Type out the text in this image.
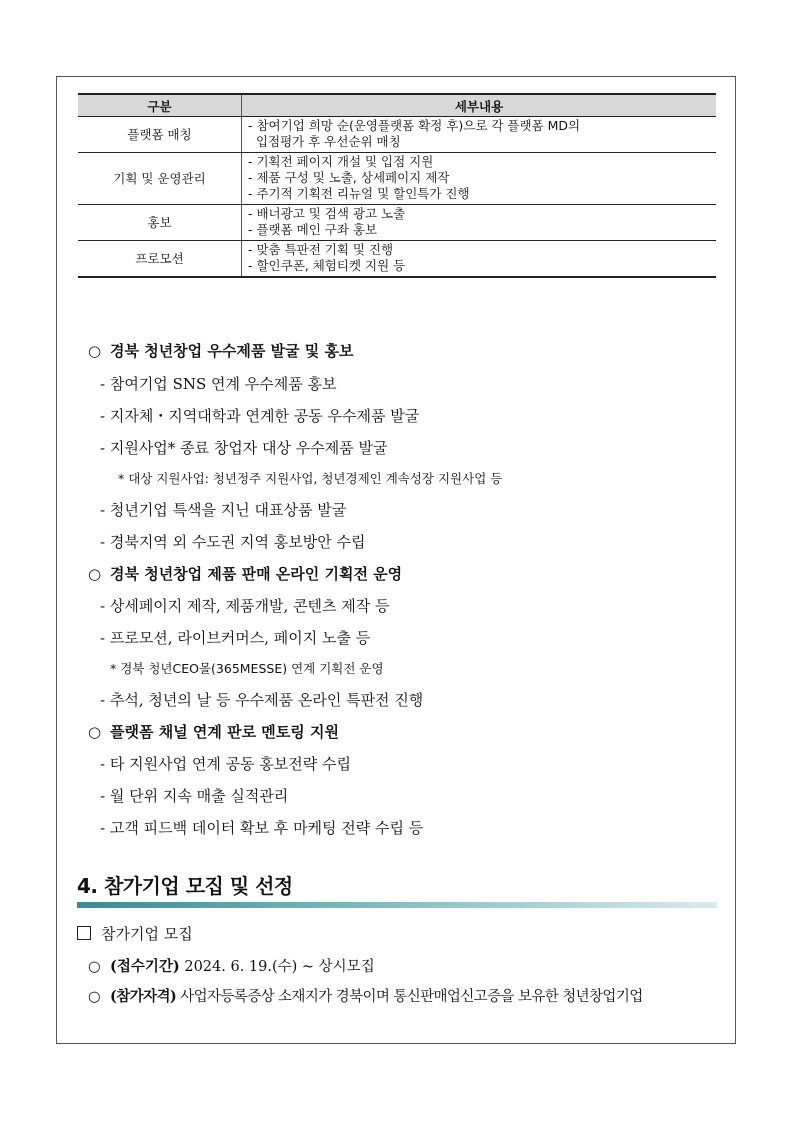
구분	세부내용
플랫폼 매칭	- 참여기업 희망 순(운영플랫폼 확정 후)으로 각 플랫폼 MD의
입점평가 후 우선순위 매칭

기획 및 운영관리	- 기획전 페이지 개설 및 입점 지원
- 제품 구성 및 노출, 상세페이지 제작
- 주기적 기획전 리뉴얼 및 할인특가 진행

홍보	- 배너광고 및 검색 광고 노출
- 플랫폼 메인 구좌 홍보

프로모션	- 맞춤 특판전 기획 및 진행
- 할인쿠폰, 체험티켓 지원 등
○ 경북 청년창업 우수제품 발굴 및 홍보
- 참여기업 SNS 연계 우수제품 홍보
- 지자체・지역대학과 연계한 공동 우수제품 발굴
- 지원사업* 종료 창업자 대상 우수제품 발굴
* 대상 지원사업: 청년정주 지원사업, 청년경제인 계속성장 지원사업 등
- 청년기업 특색을 지닌 대표상품 발굴
- 경북지역 외 수도권 지역 홍보방안 수립
○ 경북 청년창업 제품 판매 온라인 기획전 운영
- 상세페이지 제작, 제품개발, 콘텐츠 제작 등
- 프로모션, 라이브커머스, 페이지 노출 등
* 경북 청년CEO몰(365MESSE) 연계 기획전 운영
- 추석, 청년의 날 등 우수제품 온라인 특판전 진행
○ 플랫폼 채널 연계 판로 멘토링 지원
- 타 지원사업 연계 공동 홍보전략 수립
- 월 단위 지속 매출 실적관리
- 고객 피드백 데이터 확보 후 마케팅 전략 수립 등
4. 참가기업 모집 및 선정
참가기업 모집
○ (접수기간) 2024. 6. 19.(수) ~ 상시모집
○ (참가자격) 사업자등록증상 소재지가 경북이며 통신판매업신고증을 보유한 청년창업기업
